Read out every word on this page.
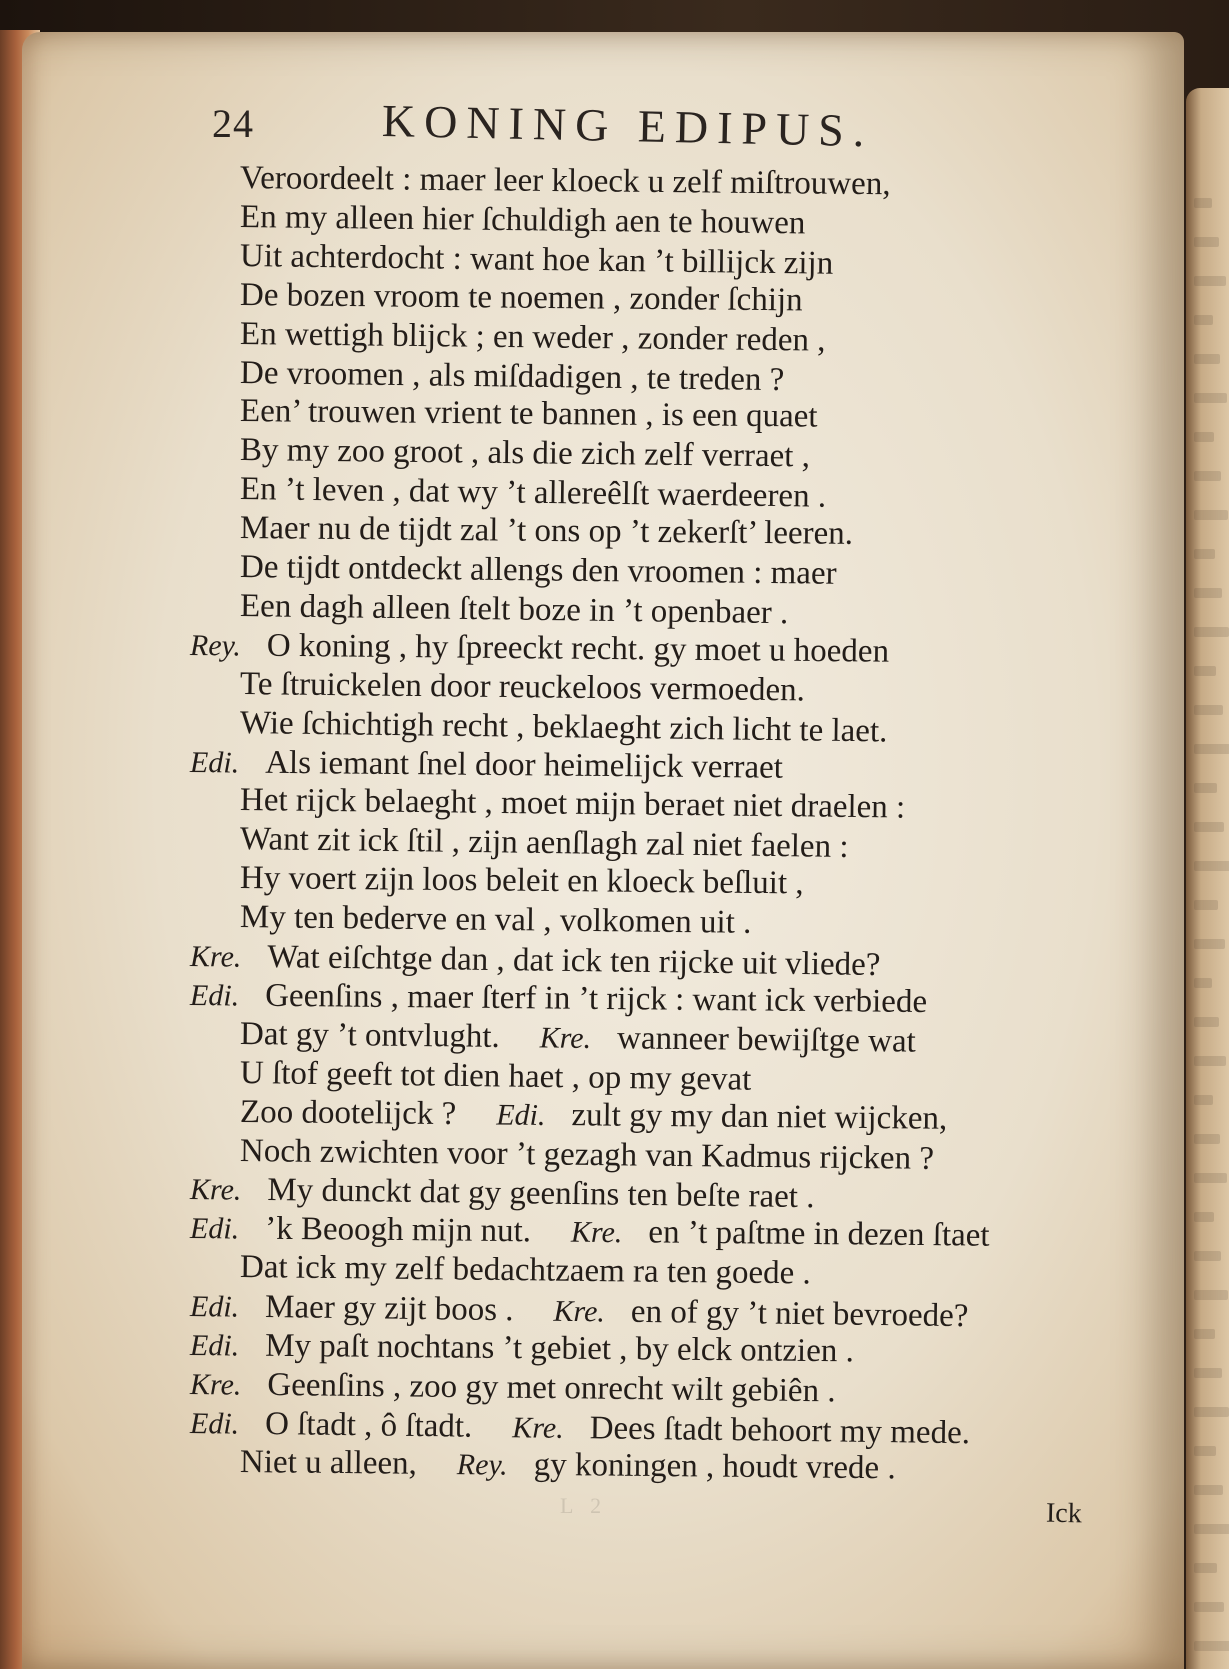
24	KONING EDIPUS.
Veroordeelt : maer leer kloeck u zelf miſtrouwen,
En my alleen hier ſchuldigh aen te houwen
Uit achterdocht : want hoe kan ’t billijck zijn
De bozen vroom te noemen , zonder ſchijn
En wettigh blijck ; en weder , zonder reden ,
De vroomen , als miſdadigen , te treden ?
Een’ trouwen vrient te bannen , is een quaet
By my zoo groot , als die zich zelf verraet ,
En ’t leven , dat wy ’t allereêlſt waerdeeren .
Maer nu de tijdt zal ’t ons op ’t zekerſt’ leeren.
De tijdt ontdeckt allengs den vroomen : maer
Een dagh alleen ſtelt boze in ’t openbaer .
Rey. O koning , hy ſpreeckt recht. gy moet u hoeden
Te ſtruickelen door reuckeloos vermoeden.
Wie ſchichtigh recht , beklaeght zich licht te laet.
Edi. Als iemant ſnel door heimelijck verraet
Het rijck belaeght , moet mijn beraet niet draelen :
Want zit ick ſtil , zijn aenſlagh zal niet faelen :
Hy voert zijn loos beleit en kloeck beſluit ,
My ten bederve en val , volkomen uit .
Kre. Wat eiſchtge dan , dat ick ten rijcke uit vliede?
Edi. Geenſins , maer ſterf in ’t rijck : want ick verbiede
Dat gy ’t ontvlught. Kre. wanneer bewijſtge wat
U ſtof geeft tot dien haet , op my gevat
Zoo dootelijck ? Edi. zult gy my dan niet wijcken,
Noch zwichten voor ’t gezagh van Kadmus rijcken ?
Kre. My dunckt dat gy geenſins ten beſte raet .
Edi. ’k Beoogh mijn nut. Kre. en ’t paſtme in dezen ſtaet
Dat ick my zelf bedachtzaem ra ten goede .
Edi. Maer gy zijt boos . Kre. en of gy ’t niet bevroede?
Edi. My paſt nochtans ’t gebiet , by elck ontzien .
Kre. Geenſins , zoo gy met onrecht wilt gebiên .
Edi. O ſtadt , ô ſtadt. Kre. Dees ſtadt behoort my mede.
Niet u alleen, Rey. gy koningen , houdt vrede .
L 2	Ick
